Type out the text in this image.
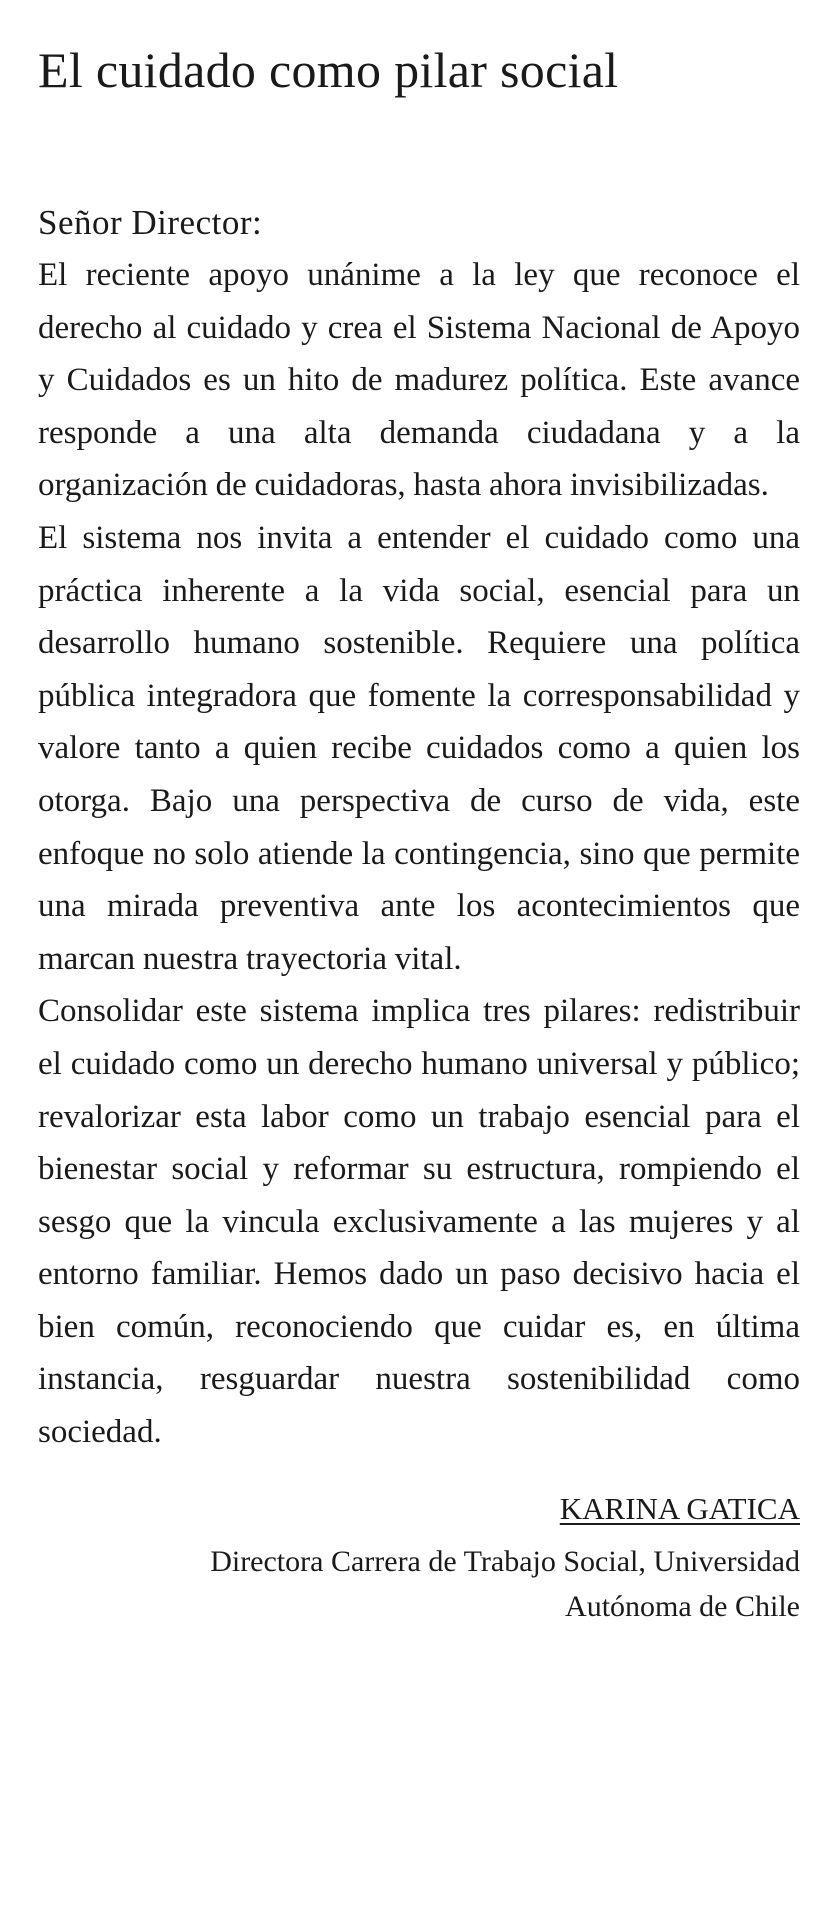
El cuidado como pilar social

Señor Director:

El reciente apoyo unánime a la ley que reconoce el derecho al cuidado y crea el Sistema Nacional de Apoyo y Cuidados es un hito de madurez política. Este avance responde a una alta demanda ciudadana y a la organización de cuidadoras, hasta ahora invisibilizadas.

El sistema nos invita a entender el cuidado como una práctica inherente a la vida social, esencial para un desarrollo humano sostenible. Requiere una política pública integradora que fomente la corresponsabilidad y valore tanto a quien recibe cuidados como a quien los otorga. Bajo una perspectiva de curso de vida, este enfoque no solo atiende la contingencia, sino que permite una mirada preventiva ante los acontecimientos que marcan nuestra trayectoria vital.

Consolidar este sistema implica tres pilares: redistribuir el cuidado como un derecho humano universal y público; revalorizar esta labor como un trabajo esencial para el bienestar social y reformar su estructura, rompiendo el sesgo que la vincula exclusivamente a las mujeres y al entorno familiar. Hemos dado un paso decisivo hacia el bien común, reconociendo que cuidar es, en última instancia, resguardar nuestra sostenibilidad como sociedad.

KARINA GATICA
Directora Carrera de Trabajo Social, Universidad Autónoma de Chile
